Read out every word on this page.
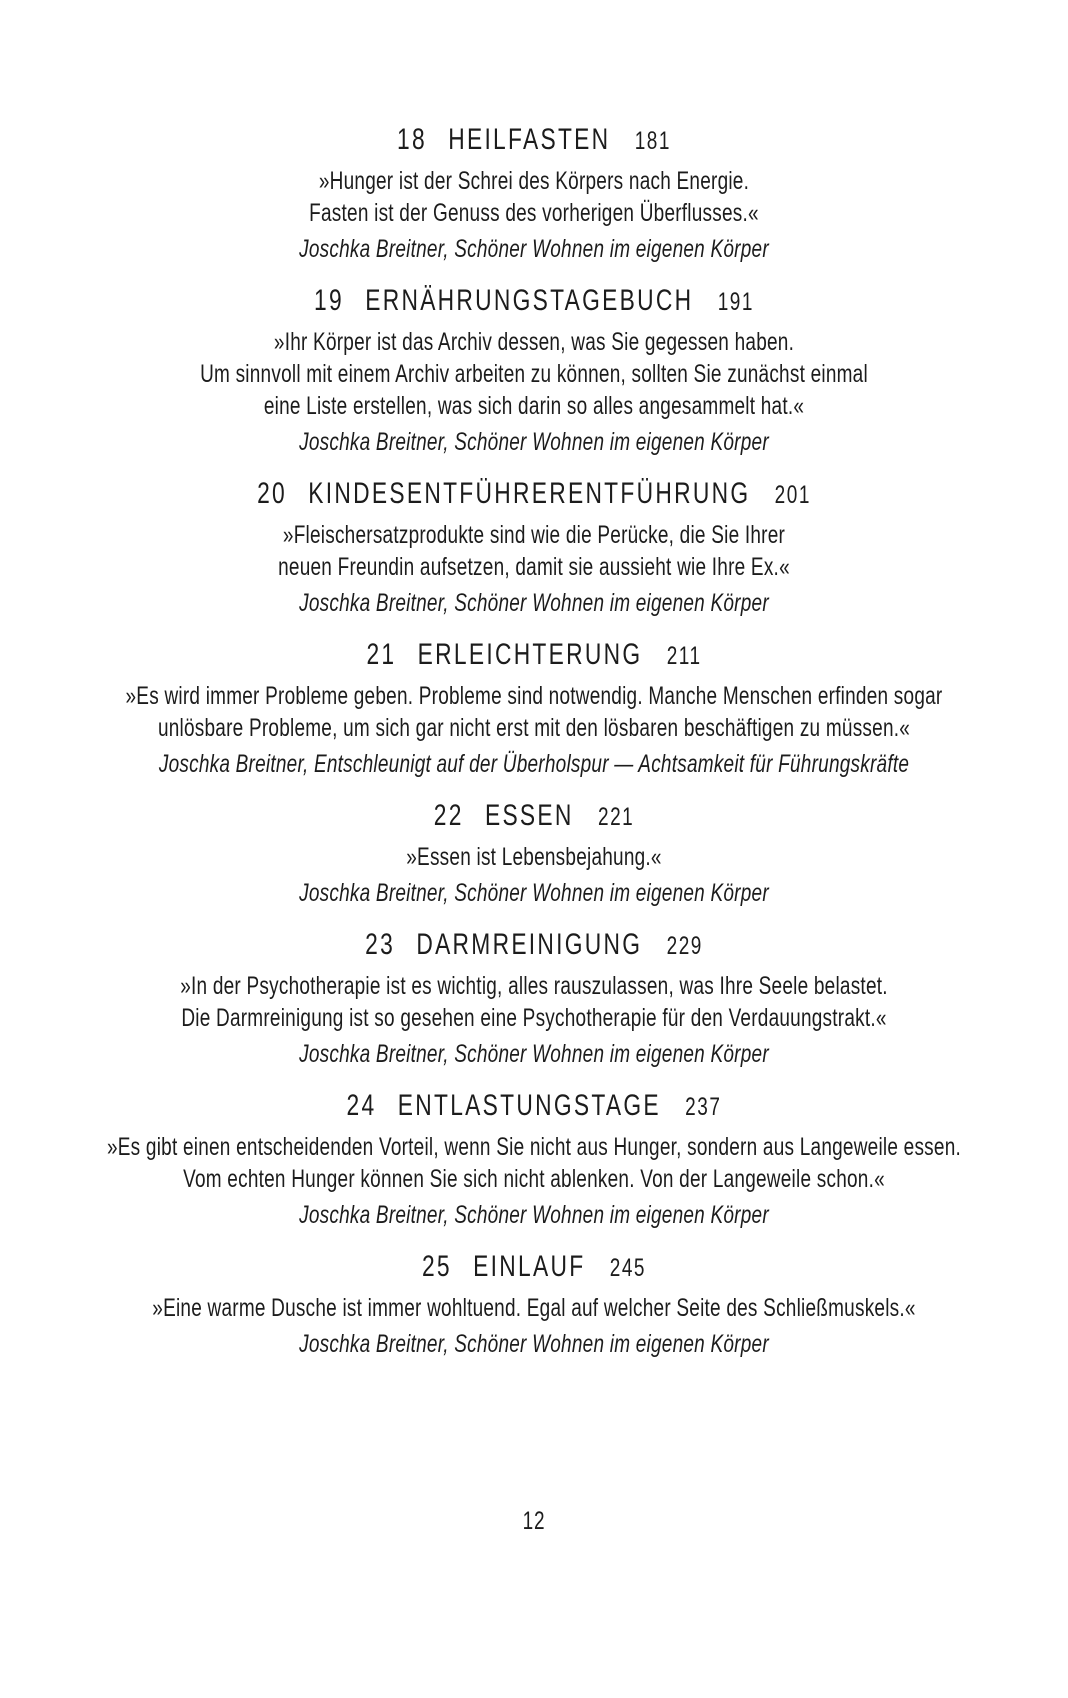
18 HEILFASTEN 181
»Hunger ist der Schrei des Körpers nach Energie.
Fasten ist der Genuss des vorherigen Überflusses.«
Joschka Breitner, Schöner Wohnen im eigenen Körper
19 ERNÄHRUNGSTAGEBUCH 191
»Ihr Körper ist das Archiv dessen, was Sie gegessen haben.
Um sinnvoll mit einem Archiv arbeiten zu können, sollten Sie zunächst einmal
eine Liste erstellen, was sich darin so alles angesammelt hat.«
Joschka Breitner, Schöner Wohnen im eigenen Körper
20 KINDESENTFÜHRERENTFÜHRUNG 201
»Fleischersatzprodukte sind wie die Perücke, die Sie Ihrer
neuen Freundin aufsetzen, damit sie aussieht wie Ihre Ex.«
Joschka Breitner, Schöner Wohnen im eigenen Körper
21 ERLEICHTERUNG 211
»Es wird immer Probleme geben. Probleme sind notwendig. Manche Menschen erfinden sogar
unlösbare Probleme, um sich gar nicht erst mit den lösbaren beschäftigen zu müssen.«
Joschka Breitner, Entschleunigt auf der Überholspur — Achtsamkeit für Führungskräfte
22 ESSEN 221
»Essen ist Lebensbejahung.«
Joschka Breitner, Schöner Wohnen im eigenen Körper
23 DARMREINIGUNG 229
»In der Psychotherapie ist es wichtig, alles rauszulassen, was Ihre Seele belastet.
Die Darmreinigung ist so gesehen eine Psychotherapie für den Verdauungstrakt.«
Joschka Breitner, Schöner Wohnen im eigenen Körper
24 ENTLASTUNGSTAGE 237
»Es gibt einen entscheidenden Vorteil, wenn Sie nicht aus Hunger, sondern aus Langeweile essen.
Vom echten Hunger können Sie sich nicht ablenken. Von der Langeweile schon.«
Joschka Breitner, Schöner Wohnen im eigenen Körper
25 EINLAUF 245
»Eine warme Dusche ist immer wohltuend. Egal auf welcher Seite des Schließmuskels.«
Joschka Breitner, Schöner Wohnen im eigenen Körper
12
